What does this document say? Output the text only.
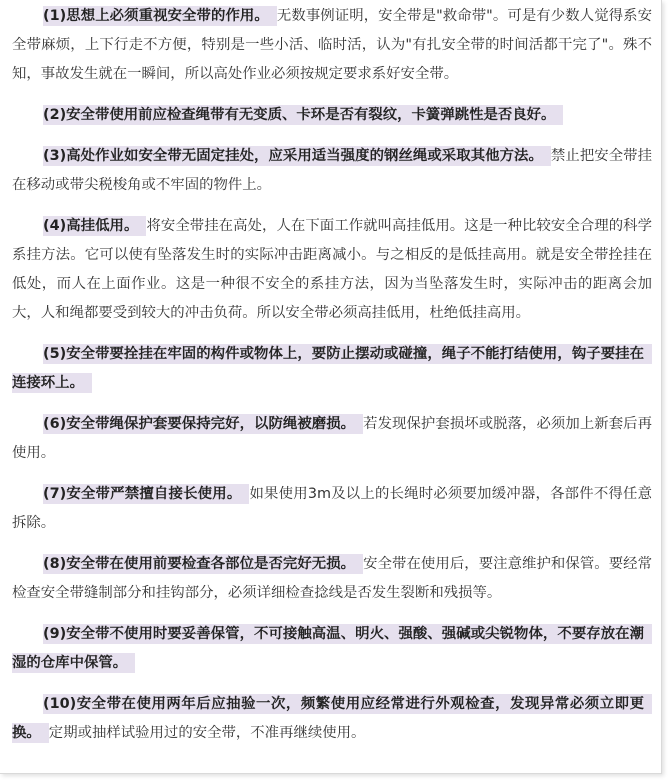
(1)思想上必须重视安全带的作用。 无数事例证明，安全带是"救命带"。可是有少数人觉得系安全带麻烦，上下行走不方便，特别是一些小活、临时活，认为"有扎安全带的时间活都干完了"。殊不知，事故发生就在一瞬间，所以高处作业必须按规定要求系好安全带。

(2)安全带使用前应检查绳带有无变质、卡环是否有裂纹，卡簧弹跳性是否良好。

(3)高处作业如安全带无固定挂处，应采用适当强度的钢丝绳或采取其他方法。 禁止把安全带挂在移动或带尖税梭角或不牢固的物件上。

(4)高挂低用。 将安全带挂在高处，人在下面工作就叫高挂低用。这是一种比较安全合理的科学系挂方法。它可以使有坠落发生时的实际冲击距离减小。与之相反的是低挂高用。就是安全带拴挂在低处，而人在上面作业。这是一种很不安全的系挂方法，因为当坠落发生时，实际冲击的距离会加大，人和绳都要受到较大的冲击负荷。所以安全带必须高挂低用，杜绝低挂高用。

(5)安全带要拴挂在牢固的构件或物体上，要防止摆动或碰撞，绳子不能打结使用，钩子要挂在连接环上。

(6)安全带绳保护套要保持完好，以防绳被磨损。 若发现保护套损坏或脱落，必须加上新套后再使用。

(7)安全带严禁擅自接长使用。 如果使用3m及以上的长绳时必须要加缓冲器，各部件不得任意拆除。

(8)安全带在使用前要检查各部位是否完好无损。 安全带在使用后，要注意维护和保管。要经常检查安全带缝制部分和挂钩部分，必须详细检查捻线是否发生裂断和残损等。

(9)安全带不使用时要妥善保管，不可接触高温、明火、强酸、强碱或尖锐物体，不要存放在潮湿的仓库中保管。

(10)安全带在使用两年后应抽验一次，频繁使用应经常进行外观检查，发现异常必须立即更换。 定期或抽样试验用过的安全带，不准再继续使用。
